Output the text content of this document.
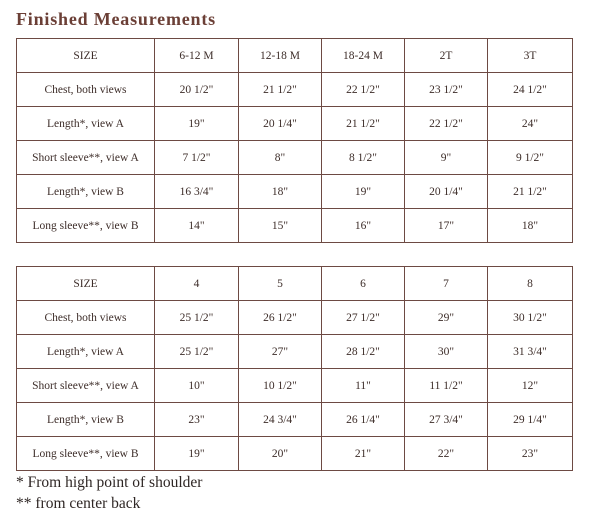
Finished Measurements
SIZE	6-12 M	12-18 M	18-24 M	2T	3T
Chest, both views	20 1/2"	21 1/2"	22 1/2"	23 1/2"	24 1/2"
Length*, view A	19"	20 1/4"	21 1/2"	22 1/2"	24"
Short sleeve**, view A	7 1/2"	8"	8 1/2"	9"	9 1/2"
Length*, view B	16 3/4"	18"	19"	20 1/4"	21 1/2"
Long sleeve**, view B	14"	15"	16"	17"	18"
SIZE	4	5	6	7	8
Chest, both views	25 1/2"	26 1/2"	27 1/2"	29"	30 1/2"
Length*, view A	25 1/2"	27"	28 1/2"	30"	31 3/4"
Short sleeve**, view A	10"	10 1/2"	11"	11 1/2"	12"
Length*, view B	23"	24 3/4"	26 1/4"	27 3/4"	29 1/4"
Long sleeve**, view B	19"	20"	21"	22"	23"
* From high point of shoulder
** from center back
